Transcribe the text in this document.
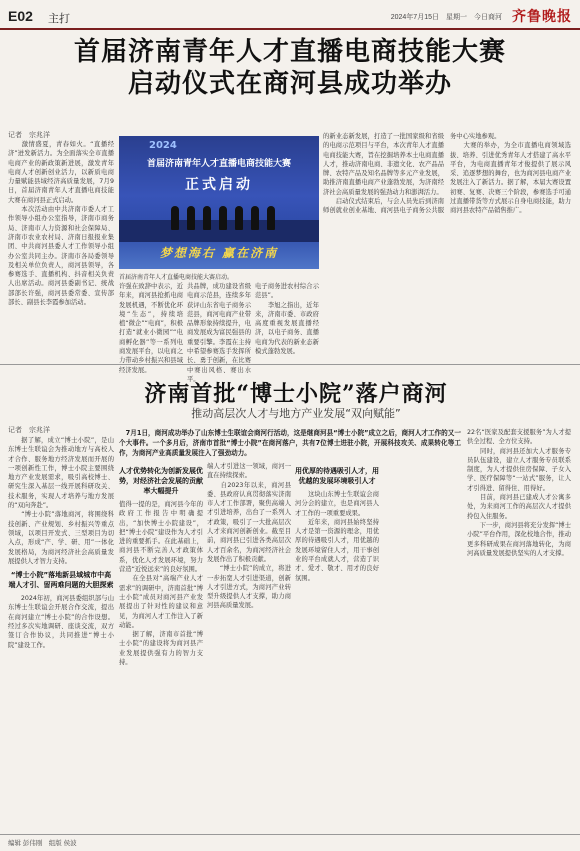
E02 主打	2024年7月15日　星期一　今日商河 齐鲁晚报
首届济南青年人才直播电商技能大赛
启动仪式在商河县成功举办
记者　宗兆洋
　　激情盛夏，青春如火。“直播经济”迸发新活力。为全面落实全市直播电商产业的新政策新进展，激发青年电商人才创新创业活力，以新质电商力量赋能县域经济高质量发展，7月9日，首届济南青年人才直播电商技能大赛在商河县正式启动。
　　本次活动由中共济南市委人才工作领导小组办公室指导，济南市商务局、济南市人力资源和社会保障局、济南市农业农村局、济南日报报业集团、中共商河县委人才工作领导小组办公室共同主办。济南市各局委领导及相关单位负责人，商河县领导，各参赛选手、直播机构、抖音相关负责人出席活动。商河县委副书记、统战部部长许强，商河县委常委、宣传部部长、副县长李霞参加活动。
2024
首届济南青年人才直播电商技能大赛
正式启动
梦想海右 赢在济南
首届济南青年人才直播电商技能大赛启动。
许强在致辞中表示，近年来，商河县抢抓电商发展机遇，不断优化环境“生态”，持续培植“微企”“电商”，积极打造“就业小微园”“电商孵化器”等一系列电商发展平台，以电商之力带动乡村振兴和县域经济发展。
共品牌，成功建设省级电商示范县，连续多年获评山东省电子商务示范县，商河电商产业带品牌形象持续提升，电商发展成为富民强县的重要引擎。李霞在主持中希望参赛选手发挥所长、勇于创新，在比赛中赛出风格、赛出水平。
电子商务进农村综合示范县”。
　　李旭之指出，近年来，济南市委、市政府高度重视发展直播经济，以电子商务、直播电商为代表的新业态新模式蓬勃发展。
的新业态新发展，打造了一批国家级和省级的电商示范项目与平台，本次青年人才直播电商技能大赛，旨在挖掘培养本土电商直播人才，推动济南电商、非遗文化、农产品品牌、农特产品及知名品牌等多元产业发展，助推济南直播电商产业蓬勃发展，为济南经济社会高质量发展的强劲动力和澎湃活力。
　　启动仪式结束后，与会人员先后到济南师创就业创业基地、商河县电子商务公共服务中心实地参观。
　　大赛的举办，为全市直播电商领域选拔、培养、引进优秀青年人才搭建了高水平平台，为电商直播青年才俊提供了展示风采、追逐梦想的舞台，也为商河县电商产业发展注入了新活力。据了解，本届大赛设置初赛、复赛、决赛三个阶段，参赛选手可通过直播带货等方式展示自身电商技能，助力商河县农特产品销售推广。
济南首批“博士小院”落户商河
推动高层次人才与地方产业发展“双向赋能”
记者　宗兆洋
　　据了解，成立“博士小院”，是山东博士生联谊会为推动地方与高校人才合作、服务地方经济发展而开展的一项创新性工作，博士小院主要围绕地方产业发展需求，吸引高校博士、研究生深入基层一线开展科研攻关、技术服务，实现人才培养与地方发展的“双向奔赴”。
　　“博士小院”落地商河，将围绕科技创新、产业规划、乡村振兴等重点领域，以项目开发式、三型项目为切入点，形成“产、学、研、用”一体化发展格局，为商河经济社会高质量发展提供人才智力支持。
“博士小院”落地新县域城市中高端人才引、留两难问题的大胆探索
　　2024年初，商河县委组织部与山东博士生联谊会开展合作交流，提出在商河建立“博士小院”的合作设想。经过多次实地调研、座谈交流，双方签订合作协议，共同推进“博士小院”建设工作。
　7月1日，商河成功举办了山东博士生联谊会商河行活动，这是继商河县“博士小院”成立之后，商河人才工作的又一个大事件。一个多月后，济南市首批“博士小院”在商河落户，共有7位博士进驻小院，开展科技攻关、成果转化等工作，为商河产业高质量发展注入了强劲动力。
人才优势转化为创新发展优势，对经济社会发展的贡献率大幅提升
值得一提的是，商河县今年的政府工作报告中明确提出，“加快博士小院建设”，把“博士小院”建设作为人才引进的重要抓手。在此基础上，商河县不断完善人才政策体系，优化人才发展环境，努力营造“近悦远来”的良好氛围。
　　在全县对“高端产业人才需求”的调研中，济南首批“博士小院”成员对商河县产业发展提出了针对性的建议和意见，为商河人才工作注入了新动能。
　　据了解，济南市首批“博士小院”的建设将为商河县产业发展提供强有力的智力支持。
端人才引进这一领域，商河一直在持续探索。
　　自2023年以来，商河县委、县政府认真贯彻落实济南市人才工作部署，聚焦高端人才引进培养，出台了一系列人才政策，吸引了一大批高层次人才来商河创新创业。截至目前，商河县已引进各类高层次人才百余名，为商河经济社会发展作出了积极贡献。
　　“博士小院”的成立，将进一步拓宽人才引进渠道，创新人才引进方式，为商河产业转型升级提供人才支撑，助力商河县高质量发展。
用优厚的待遇吸引人才，用优越的发展环境吸引人才
　　这块山东博士生联谊会商河分会的建立，也是商河县人才工作的一项重要成果。
　　近年来，商河县始终坚持人才是第一资源的理念，用优厚的待遇吸引人才，用优越的发展环境留住人才，用干事创业的平台成就人才，营造了识才、爱才、敬才、用才的良好氛围。
22名“医家及配套支援服务”为人才提供全过程、全方位支持。
　　同时，商河县还加大人才服务专员队伍建设，建立人才服务专员联系制度，为人才提供住房保障、子女入学、医疗保障等“一站式”服务，让人才引得进、留得住、用得好。
　　目前，商河县已建成人才公寓多处，为来商河工作的高层次人才提供拎包入住服务。
　　下一步，商河县将充分发挥“博士小院”平台作用，深化校地合作，推动更多科研成果在商河落地转化，为商河高质量发展提供坚实的人才支撑。
编辑 彭伟刚　组版 侯波
